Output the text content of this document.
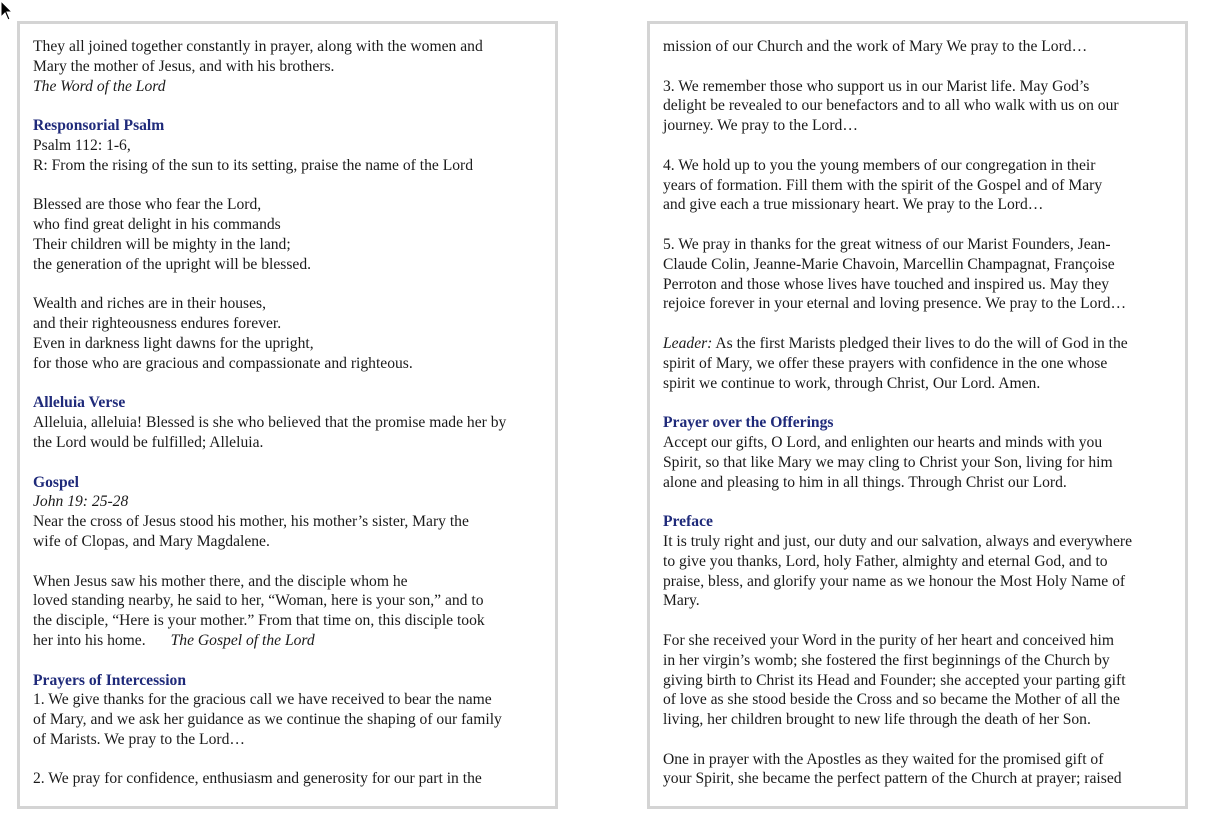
They all joined together constantly in prayer, along with the women and
Mary the mother of Jesus, and with his brothers.

The Word of the Lord

Responsorial Psalm

Psalm 112: 1-6,

R: From the rising of the sun to its setting, praise the name of the Lord

Blessed are those who fear the Lord,
who find great delight in his commands
Their children will be mighty in the land;
the generation of the upright will be blessed.

Wealth and riches are in their houses,
and their righteousness endures forever.
Even in darkness light dawns for the upright,
for those who are gracious and compassionate and righteous.

Alleluia Verse

Alleluia, alleluia! Blessed is she who believed that the promise made her by
the Lord would be fulfilled; Alleluia.

Gospel

John 19: 25-28

Near the cross of Jesus stood his mother, his mother’s sister, Mary the
wife of Clopas, and Mary Magdalene.

When Jesus saw his mother there, and the disciple whom he
loved standing nearby, he said to her, “Woman, here is your son,” and to
the disciple, “Here is your mother.” From that time on, this disciple took
her into his home. The Gospel of the Lord

Prayers of Intercession

1. We give thanks for the gracious call we have received to bear the name
of Mary, and we ask her guidance as we continue the shaping of our family
of Marists. We pray to the Lord…

2. We pray for confidence, enthusiasm and generosity for our part in the

mission of our Church and the work of Mary We pray to the Lord…

3. We remember those who support us in our Marist life. May God’s
delight be revealed to our benefactors and to all who walk with us on our
journey. We pray to the Lord…

4. We hold up to you the young members of our congregation in their
years of formation. Fill them with the spirit of the Gospel and of Mary
and give each a true missionary heart. We pray to the Lord…

5. We pray in thanks for the great witness of our Marist Founders, Jean-
Claude Colin, Jeanne-Marie Chavoin, Marcellin Champagnat, Françoise
Perroton and those whose lives have touched and inspired us. May they
rejoice forever in your eternal and loving presence. We pray to the Lord…

Leader: As the first Marists pledged their lives to do the will of God in the
spirit of Mary, we offer these prayers with confidence in the one whose
spirit we continue to work, through Christ, Our Lord. Amen.

Prayer over the Offerings

Accept our gifts, O Lord, and enlighten our hearts and minds with you
Spirit, so that like Mary we may cling to Christ your Son, living for him
alone and pleasing to him in all things. Through Christ our Lord.

Preface

It is truly right and just, our duty and our salvation, always and everywhere
to give you thanks, Lord, holy Father, almighty and eternal God, and to
praise, bless, and glorify your name as we honour the Most Holy Name of
Mary.

For she received your Word in the purity of her heart and conceived him
in her virgin’s womb; she fostered the first beginnings of the Church by
giving birth to Christ its Head and Founder; she accepted your parting gift
of love as she stood beside the Cross and so became the Mother of all the
living, her children brought to new life through the death of her Son.

One in prayer with the Apostles as they waited for the promised gift of
your Spirit, she became the perfect pattern of the Church at prayer; raised
